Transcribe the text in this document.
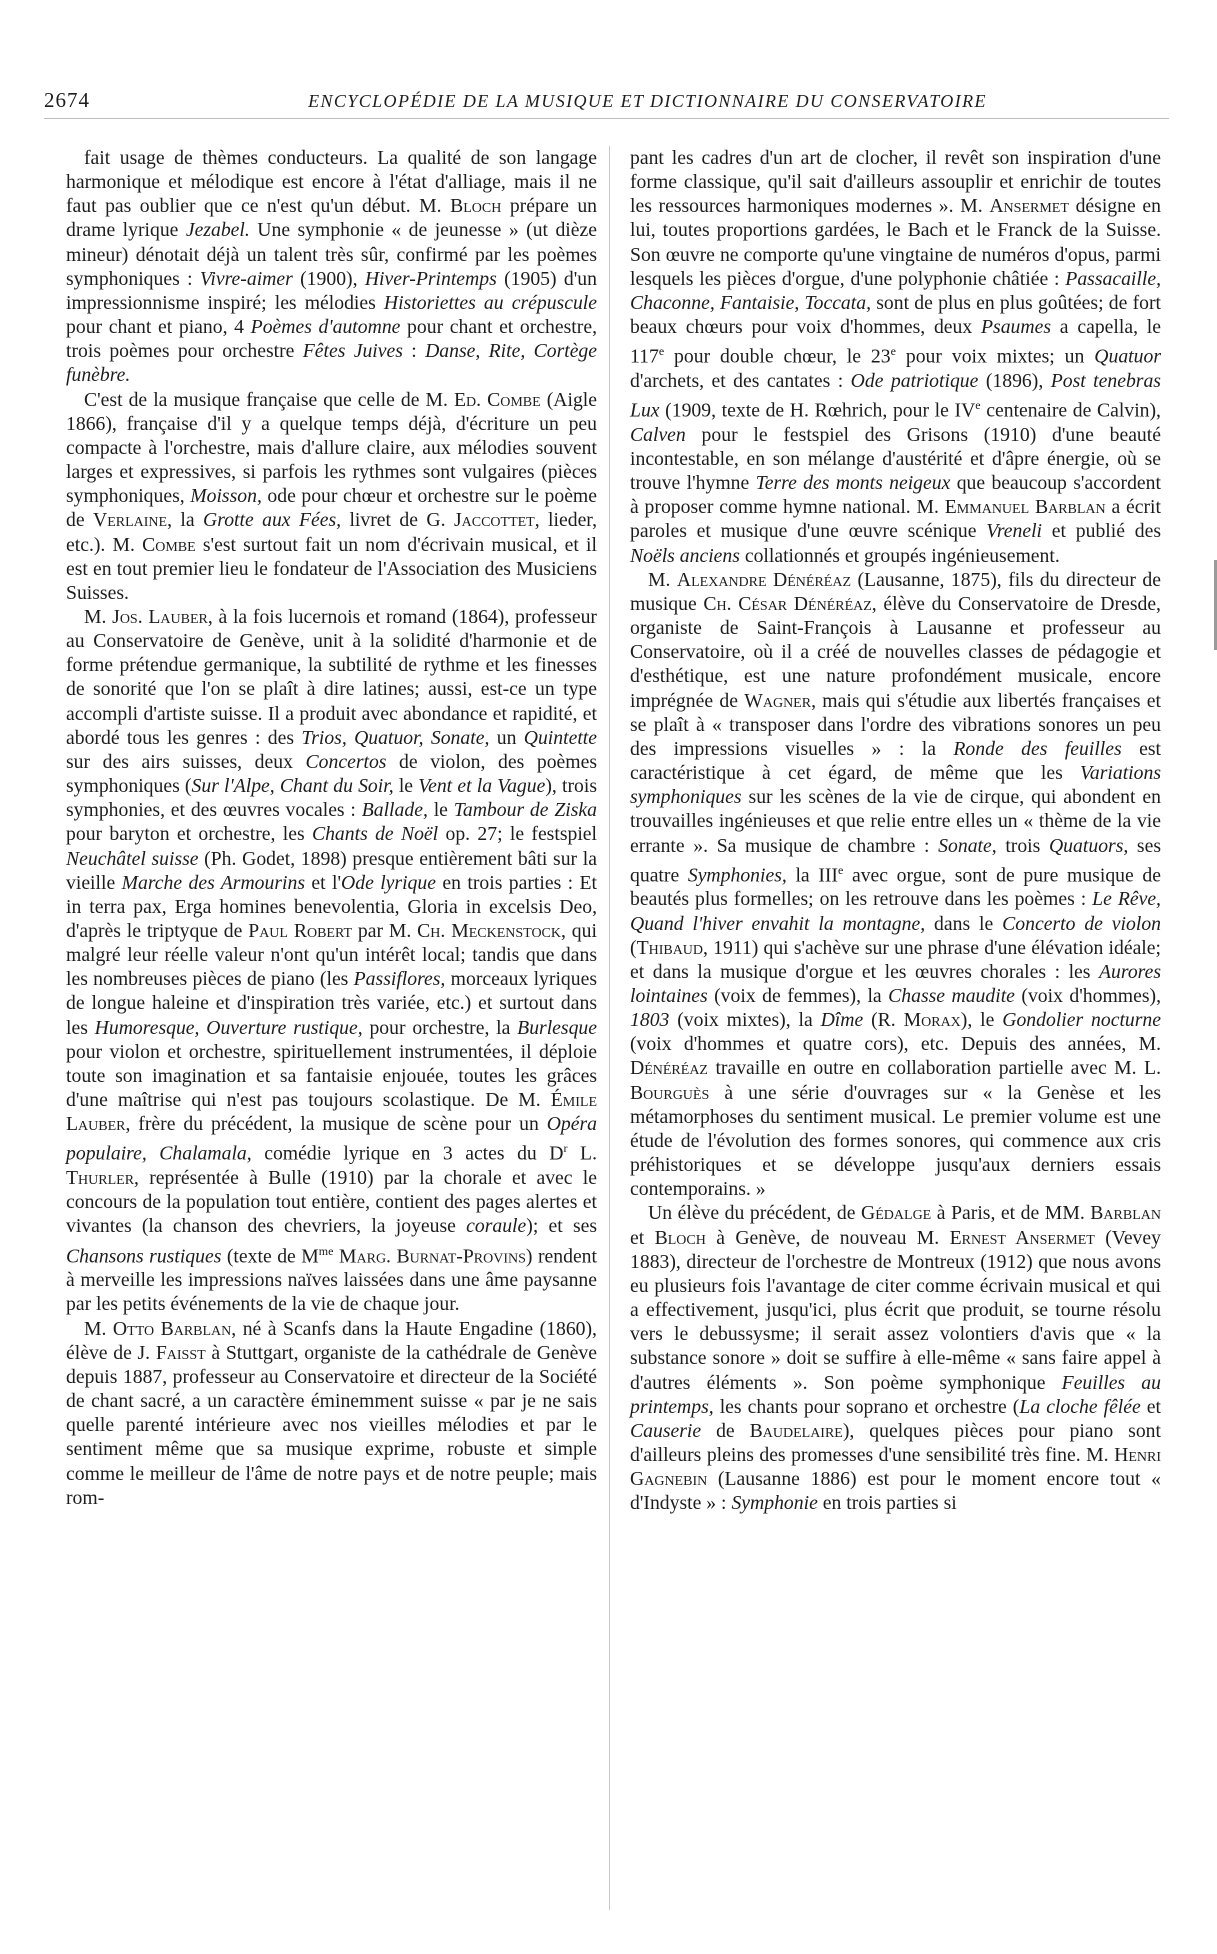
2674	ENCYCLOPÉDIE DE LA MUSIQUE ET DICTIONNAIRE DU CONSERVATOIRE

fait usage de thèmes conducteurs. La qualité de son langage harmonique et mélodique est encore à l'état d'alliage, mais il ne faut pas oublier que ce n'est qu'un début. M. Bloch prépare un drame lyrique Jezabel. Une symphonie « de jeunesse » (ut dièze mineur) dénotait déjà un talent très sûr, confirmé par les poèmes symphoniques : Vivre-aimer (1900), Hiver-Printemps (1905) d'un impressionnisme inspiré; les mélodies Historiettes au crépuscule pour chant et piano, 4 Poèmes d'automne pour chant et orchestre, trois poèmes pour orchestre Fêtes Juives : Danse, Rite, Cortège funèbre.

C'est de la musique française que celle de M. Ed. Combe (Aigle 1866), française d'il y a quelque temps déjà, d'écriture un peu compacte à l'orchestre, mais d'allure claire, aux mélodies souvent larges et expressives, si parfois les rythmes sont vulgaires (pièces symphoniques, Moisson, ode pour chœur et orchestre sur le poème de Verlaine, la Grotte aux Fées, livret de G. Jaccottet, lieder, etc.). M. Combe s'est surtout fait un nom d'écrivain musical, et il est en tout premier lieu le fondateur de l'Association des Musiciens Suisses.

M. Jos. Lauber, à la fois lucernois et romand (1864), professeur au Conservatoire de Genève, unit à la solidité d'harmonie et de forme prétendue germanique, la subtilité de rythme et les finesses de sonorité que l'on se plaît à dire latines; aussi, est-ce un type accompli d'artiste suisse. Il a produit avec abondance et rapidité, et abordé tous les genres : des Trios, Quatuor, Sonate, un Quintette sur des airs suisses, deux Concertos de violon, des poèmes symphoniques (Sur l'Alpe, Chant du Soir, le Vent et la Vague), trois symphonies, et des œuvres vocales : Ballade, le Tambour de Ziska pour baryton et orchestre, les Chants de Noël op. 27; le festspiel Neuchâtel suisse (Ph. Godet, 1898) presque entièrement bâti sur la vieille Marche des Armourins et l'Ode lyrique en trois parties : Et in terra pax, Erga homines benevolentia, Gloria in excelsis Deo, d'après le triptyque de Paul Robert par M. Ch. Meckenstock, qui malgré leur réelle valeur n'ont qu'un intérêt local; tandis que dans les nombreuses pièces de piano (les Passiflores, morceaux lyriques de longue haleine et d'inspiration très variée, etc.) et surtout dans les Humoresque, Ouverture rustique, pour orchestre, la Burlesque pour violon et orchestre, spirituellement instrumentées, il déploie toute son imagination et sa fantaisie enjouée, toutes les grâces d'une maîtrise qui n'est pas toujours scolastique. De M. Émile Lauber, frère du précédent, la musique de scène pour un Opéra populaire, Chalamala, comédie lyrique en 3 actes du $D^r$ L. Thurler, représentée à Bulle (1910) par la chorale et avec le concours de la population tout entière, contient des pages alertes et vivantes (la chanson des chevriers, la joyeuse coraule); et ses Chansons rustiques (texte de $M^{me}$ Marg. Burnat-Provins) rendent à merveille les impressions naïves laissées dans une âme paysanne par les petits événements de la vie de chaque jour.

M. Otto Barblan, né à Scanfs dans la Haute Engadine (1860), élève de J. Faisst à Stuttgart, organiste de la cathédrale de Genève depuis 1887, professeur au Conservatoire et directeur de la Société de chant sacré, a un caractère éminemment suisse « par je ne sais quelle parenté intérieure avec nos vieilles mélodies et par le sentiment même que sa musique exprime, robuste et simple comme le meilleur de l'âme de notre pays et de notre peuple; mais rom-

pant les cadres d'un art de clocher, il revêt son inspiration d'une forme classique, qu'il sait d'ailleurs assouplir et enrichir de toutes les ressources harmoniques modernes ». M. Ansermet désigne en lui, toutes proportions gardées, le Bach et le Franck de la Suisse. Son œuvre ne comporte qu'une vingtaine de numéros d'opus, parmi lesquels les pièces d'orgue, d'une polyphonie châtiée : Passacaille, Chaconne, Fantaisie, Toccata, sont de plus en plus goûtées; de fort beaux chœurs pour voix d'hommes, deux Psaumes a capella, le 117e pour double chœur, le 23e pour voix mixtes; un Quatuor d'archets, et des cantates : Ode patriotique (1896), Post tenebras Lux (1909, texte de H. Rœhrich, pour le IVe centenaire de Calvin), Calven pour le festspiel des Grisons (1910) d'une beauté incontestable, en son mélange d'austérité et d'âpre énergie, où se trouve l'hymne Terre des monts neigeux que beaucoup s'accordent à proposer comme hymne national. M. Emmanuel Barblan a écrit paroles et musique d'une œuvre scénique Vreneli et publié des Noëls anciens collationnés et groupés ingénieusement.

M. Alexandre Dénéréaz (Lausanne, 1875), fils du directeur de musique Ch. César Dénéréaz, élève du Conservatoire de Dresde, organiste de Saint-François à Lausanne et professeur au Conservatoire, où il a créé de nouvelles classes de pédagogie et d'esthétique, est une nature profondément musicale, encore imprégnée de Wagner, mais qui s'étudie aux libertés françaises et se plaît à « transposer dans l'ordre des vibrations sonores un peu des impressions visuelles » : la Ronde des feuilles est caractéristique à cet égard, de même que les Variations symphoniques sur les scènes de la vie de cirque, qui abondent en trouvailles ingénieuses et que relie entre elles un « thème de la vie errante ». Sa musique de chambre : Sonate, trois Quatuors, ses quatre Symphonies, la IIIe avec orgue, sont de pure musique de beautés plus formelles; on les retrouve dans les poèmes : Le Rêve, Quand l'hiver envahit la montagne, dans le Concerto de violon (Thibaud, 1911) qui s'achève sur une phrase d'une élévation idéale; et dans la musique d'orgue et les œuvres chorales : les Aurores lointaines (voix de femmes), la Chasse maudite (voix d'hommes), 1803 (voix mixtes), la Dîme (R. Morax), le Gondolier nocturne (voix d'hommes et quatre cors), etc. Depuis des années, M. Dénéréaz travaille en outre en collaboration partielle avec M. L. Bourguès à une série d'ouvrages sur « la Genèse et les métamorphoses du sentiment musical. Le premier volume est une étude de l'évolution des formes sonores, qui commence aux cris préhistoriques et se développe jusqu'aux derniers essais contemporains. »

Un élève du précédent, de Gédalge à Paris, et de MM. Barblan et Bloch à Genève, de nouveau M. Ernest Ansermet (Vevey 1883), directeur de l'orchestre de Montreux (1912) que nous avons eu plusieurs fois l'avantage de citer comme écrivain musical et qui a effectivement, jusqu'ici, plus écrit que produit, se tourne résolu vers le debussysme; il serait assez volontiers d'avis que « la substance sonore » doit se suffire à elle-même « sans faire appel à d'autres éléments ». Son poème symphonique Feuilles au printemps, les chants pour soprano et orchestre (La cloche fêlée et Causerie de Baudelaire), quelques pièces pour piano sont d'ailleurs pleins des promesses d'une sensibilité très fine. M. Henri Gagnebin (Lausanne 1886) est pour le moment encore tout « d'Indyste » : Symphonie en trois parties si
